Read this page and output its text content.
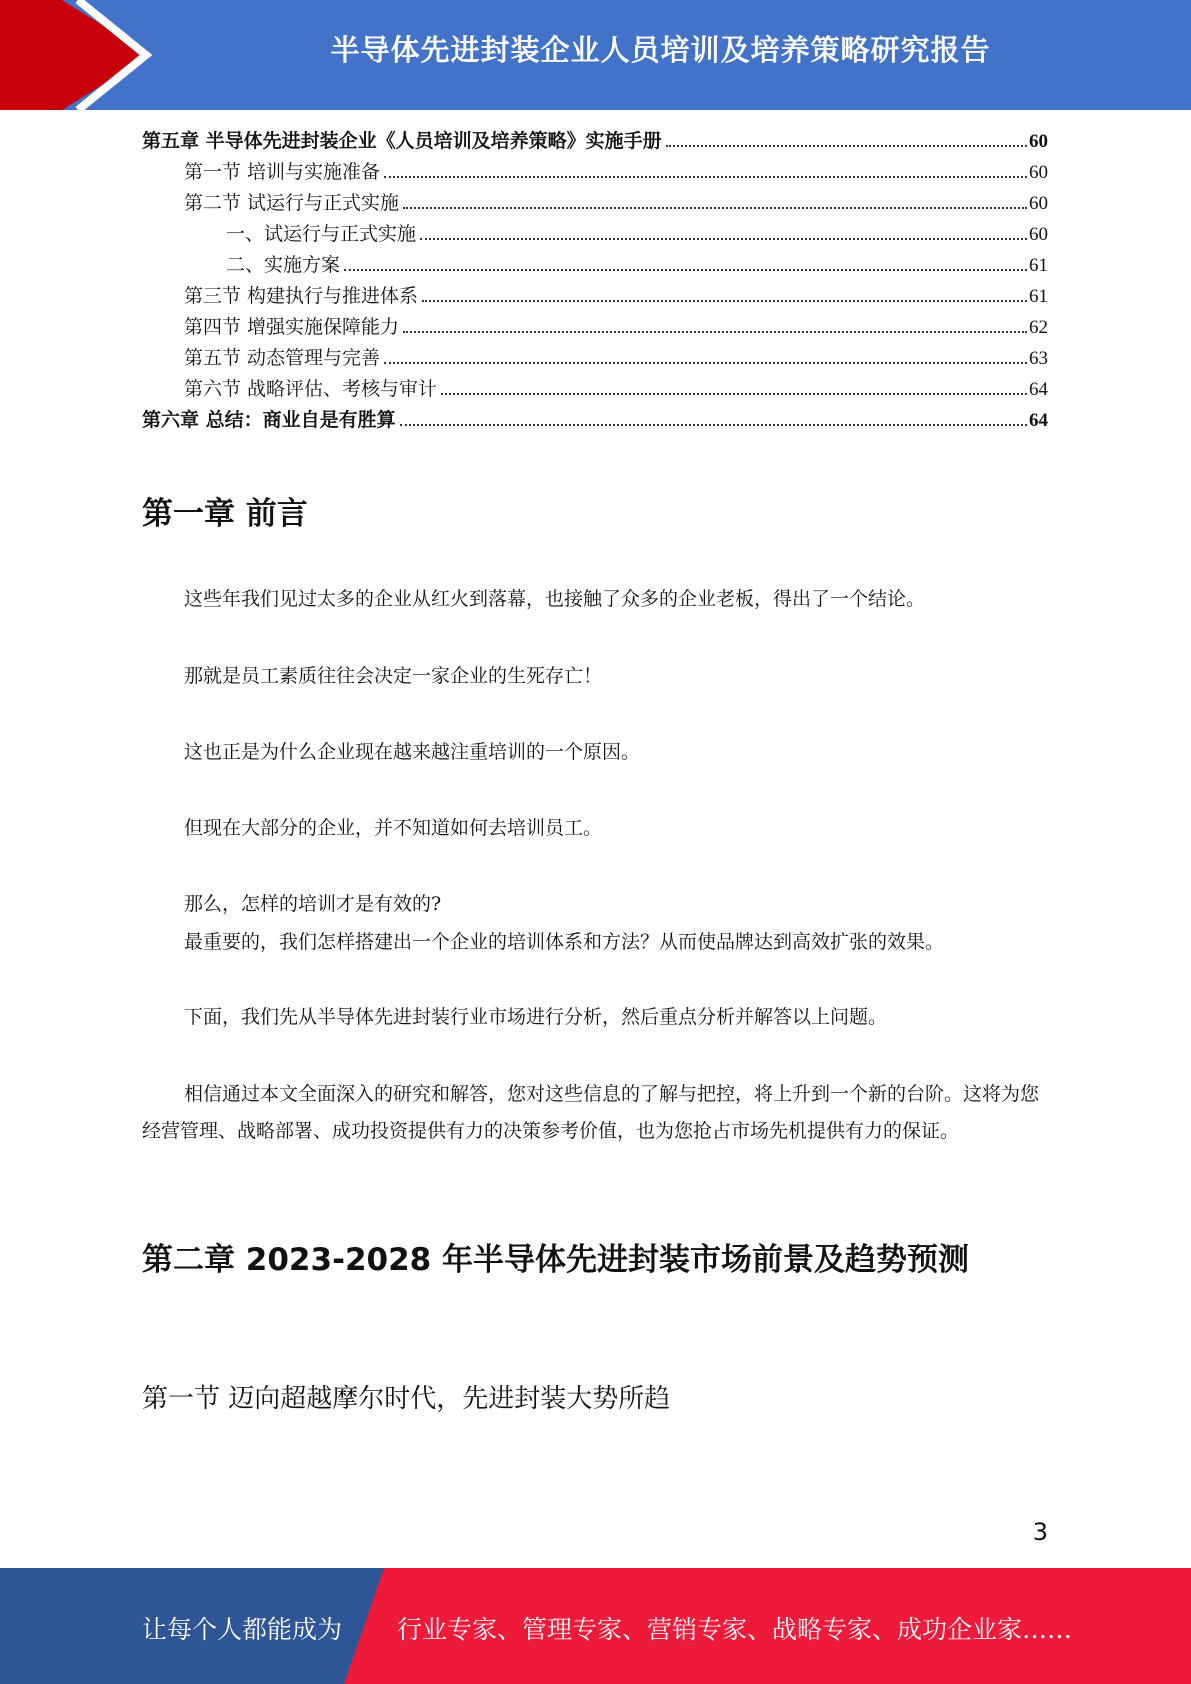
半导体先进封装企业人员培训及培养策略研究报告
第五章 半导体先进封装企业《人员培训及培养策略》实施手册	60
第一节 培训与实施准备	60
第二节 试运行与正式实施	60
一、试运行与正式实施	60
二、实施方案	61
第三节 构建执行与推进体系	61
第四节 增强实施保障能力	62
第五节 动态管理与完善	63
第六节 战略评估、考核与审计	64
第六章 总结：商业自是有胜算	64
第一章 前言

这些年我们见过太多的企业从红火到落幕，也接触了众多的企业老板，得出了一个结论。

那就是员工素质往往会决定一家企业的生死存亡！

这也正是为什么企业现在越来越注重培训的一个原因。

但现在大部分的企业，并不知道如何去培训员工。

那么，怎样的培训才是有效的?

最重要的，我们怎样搭建出一个企业的培训体系和方法？从而使品牌达到高效扩张的效果。

下面，我们先从半导体先进封装行业市场进行分析，然后重点分析并解答以上问题。

相信通过本文全面深入的研究和解答，您对这些信息的了解与把控，将上升到一个新的台阶。这将为您经营管理、战略部署、成功投资提供有力的决策参考价值，也为您抢占市场先机提供有力的保证。

第二章 2023-2028 年半导体先进封装市场前景及趋势预测
第一节 迈向超越摩尔时代，先进封装大势所趋
3
让每个人都能成为 行业专家、管理专家、营销专家、战略专家、成功企业家……
